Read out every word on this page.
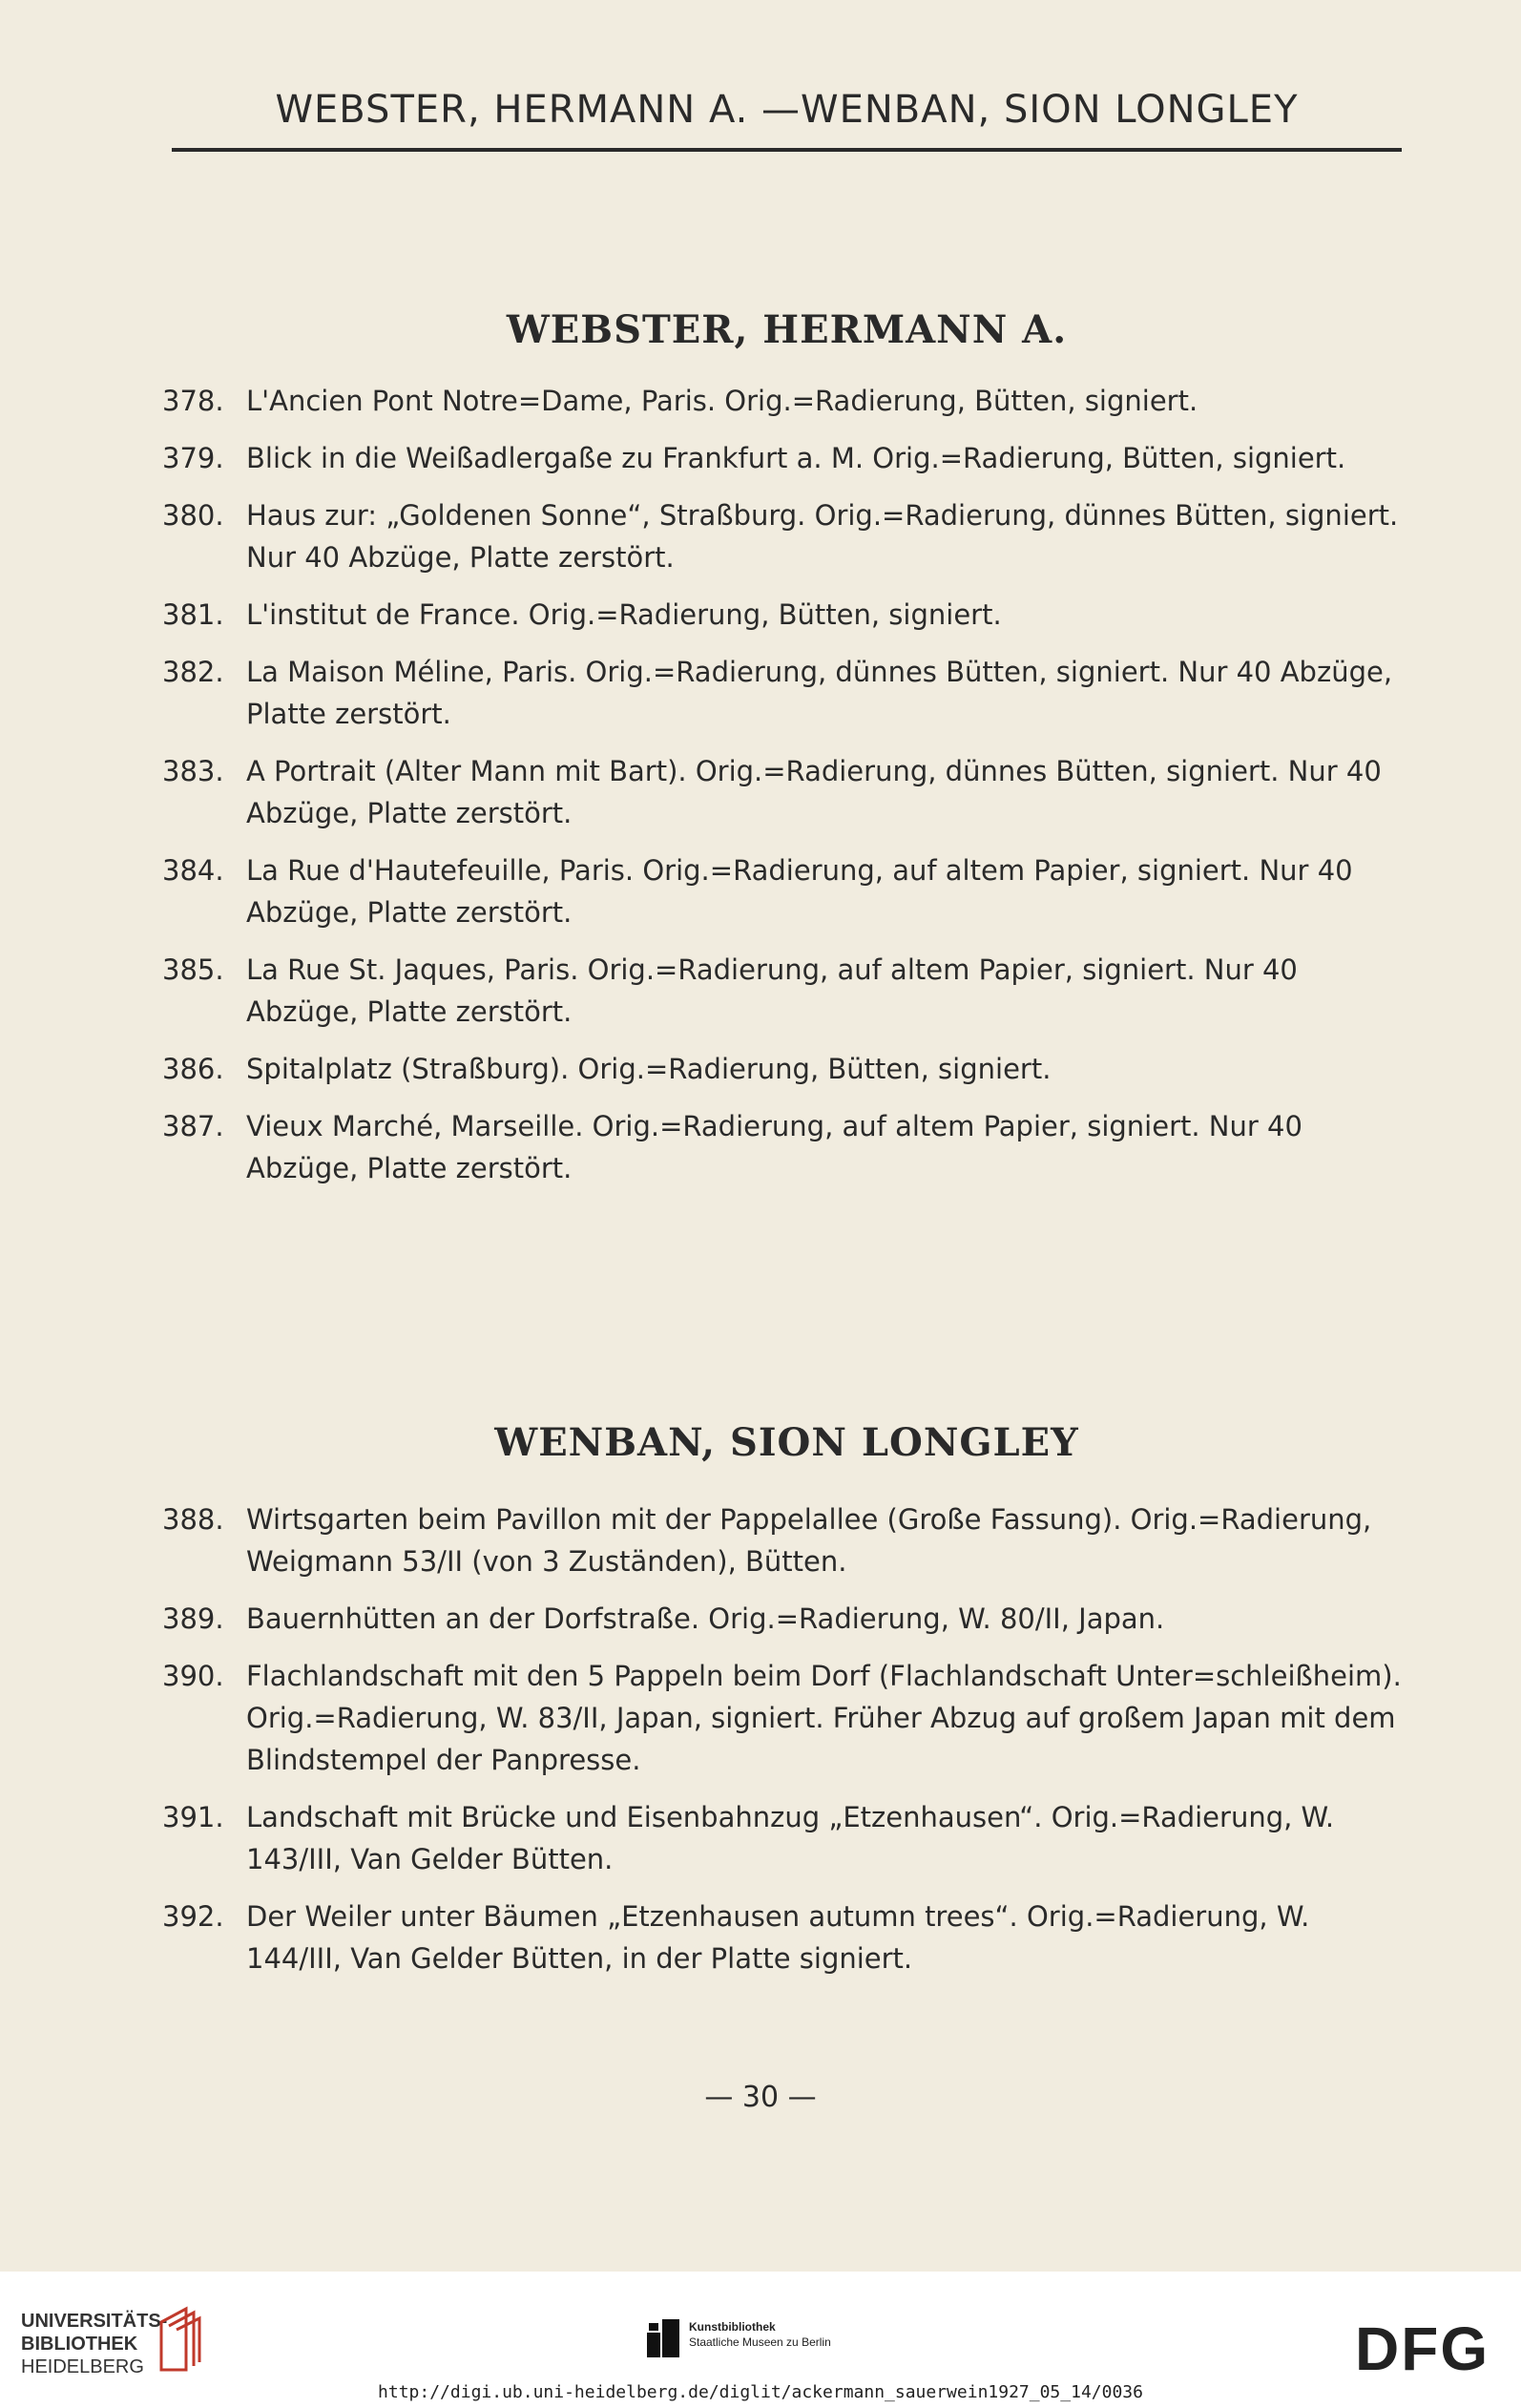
WEBSTER, HERMANN A. —WENBAN, SION LONGLEY
WEBSTER, HERMANN A.
378. L'Ancien Pont Notre=Dame, Paris. Orig.=Radierung, Bütten, signiert.
379. Blick in die Weißadlergaße zu Frankfurt a. M. Orig.=Radierung, Bütten, signiert.
380. Haus zur: „Goldenen Sonne“, Straßburg. Orig.=Radierung, dünnes Bütten, signiert. Nur 40 Abzüge, Platte zerstört.
381. L'institut de France. Orig.=Radierung, Bütten, signiert.
382. La Maison Méline, Paris. Orig.=Radierung, dünnes Bütten, signiert. Nur 40 Abzüge, Platte zerstört.
383. A Portrait (Alter Mann mit Bart). Orig.=Radierung, dünnes Bütten, signiert. Nur 40 Abzüge, Platte zerstört.
384. La Rue d'Hautefeuille, Paris. Orig.=Radierung, auf altem Papier, signiert. Nur 40 Abzüge, Platte zerstört.
385. La Rue St. Jaques, Paris. Orig.=Radierung, auf altem Papier, signiert. Nur 40 Abzüge, Platte zerstört.
386. Spitalplatz (Straßburg). Orig.=Radierung, Bütten, signiert.
387. Vieux Marché, Marseille. Orig.=Radierung, auf altem Papier, signiert. Nur 40 Abzüge, Platte zerstört.
WENBAN, SION LONGLEY
388. Wirtsgarten beim Pavillon mit der Pappelallee (Große Fassung). Orig.=Radierung, Weigmann 53/II (von 3 Zuständen), Bütten.
389. Bauernhütten an der Dorfstraße. Orig.=Radierung, W. 80/II, Japan.
390. Flachlandschaft mit den 5 Pappeln beim Dorf (Flachlandschaft Unter=schleißheim). Orig.=Radierung, W. 83/II, Japan, signiert. Früher Abzug auf großem Japan mit dem Blindstempel der Panpresse.
391. Landschaft mit Brücke und Eisenbahnzug „Etzenhausen“. Orig.=Radierung, W. 143/III, Van Gelder Bütten.
392. Der Weiler unter Bäumen „Etzenhausen autumn trees“. Orig.=Radierung, W. 144/III, Van Gelder Bütten, in der Platte signiert.
— 30 —
UNIVERSITÄTS-
BIBLIOTHEK
HEIDELBERG
Kunstbibliothek
Staatliche Museen zu Berlin	DFG
http://digi.ub.uni-heidelberg.de/diglit/ackermann_sauerwein1927_05_14/0036
